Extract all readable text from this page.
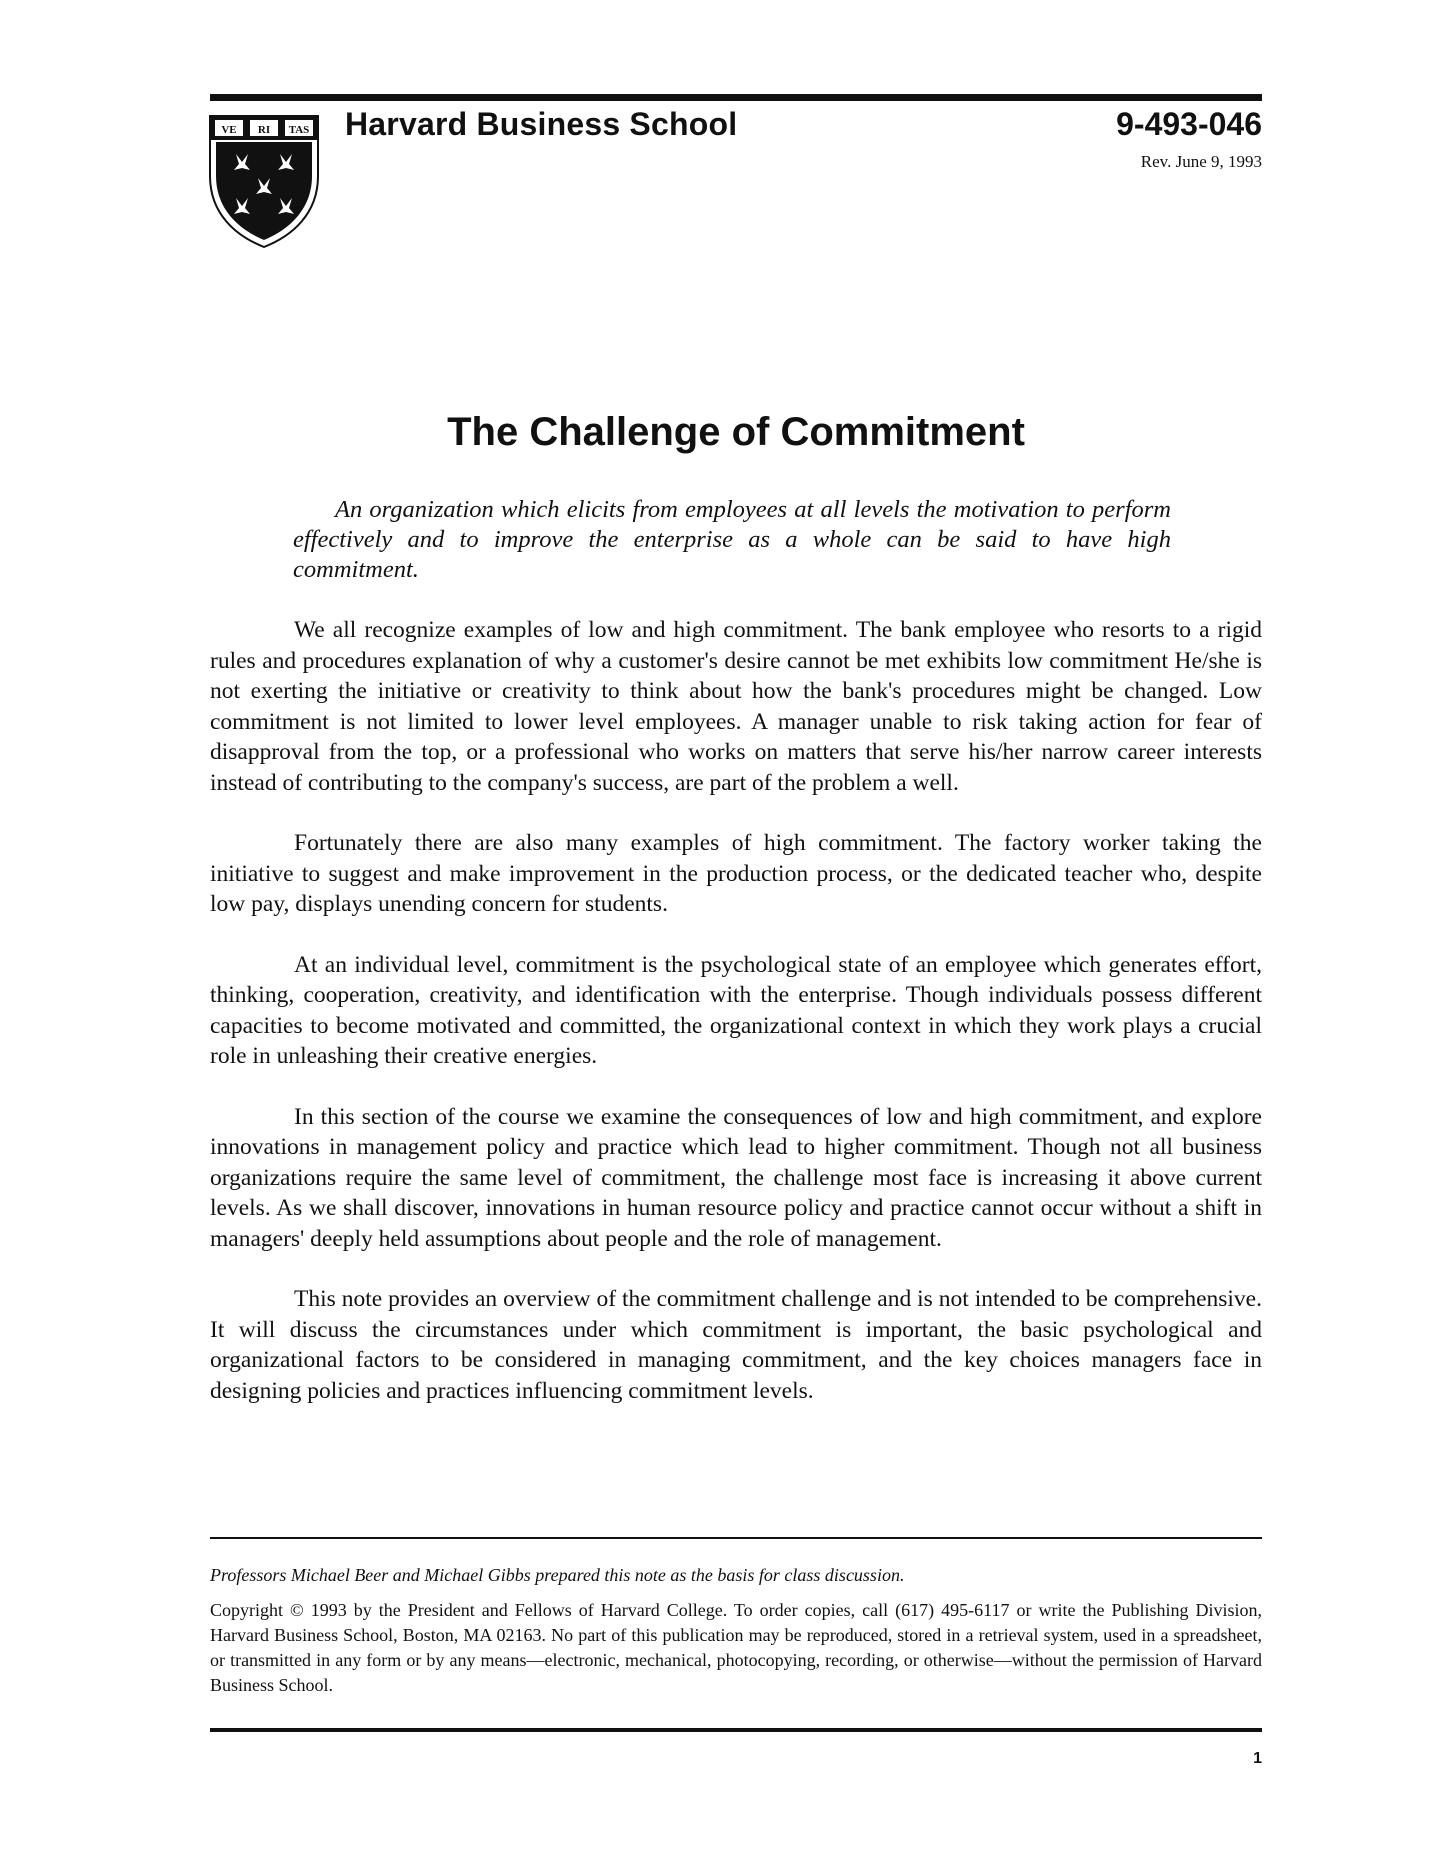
VE RI TAS Harvard Business School	9-493-046
Rev. June 9, 1993
The Challenge of Commitment

An organization which elicits from employees at all levels the motivation to perform effectively and to improve the enterprise as a whole can be said to have high commitment.

We all recognize examples of low and high commitment. The bank employee who resorts to a rigid rules and procedures explanation of why a customer's desire cannot be met exhibits low commitment He/she is not exerting the initiative or creativity to think about how the bank's procedures might be changed. Low commitment is not limited to lower level employees. A manager unable to risk taking action for fear of disapproval from the top, or a professional who works on matters that serve his/her narrow career interests instead of contributing to the company's success, are part of the problem a well.

Fortunately there are also many examples of high commitment. The factory worker taking the initiative to suggest and make improvement in the production process, or the dedicated teacher who, despite low pay, displays unending concern for students.

At an individual level, commitment is the psychological state of an employee which generates effort, thinking, cooperation, creativity, and identification with the enterprise. Though individuals possess different capacities to become motivated and committed, the organizational context in which they work plays a crucial role in unleashing their creative energies.

In this section of the course we examine the consequences of low and high commitment, and explore innovations in management policy and practice which lead to higher commitment. Though not all business organizations require the same level of commitment, the challenge most face is increasing it above current levels. As we shall discover, innovations in human resource policy and practice cannot occur without a shift in managers' deeply held assumptions about people and the role of management.

This note provides an overview of the commitment challenge and is not intended to be comprehensive. It will discuss the circumstances under which commitment is important, the basic psychological and organizational factors to be considered in managing commitment, and the key choices managers face in designing policies and practices influencing commitment levels.

Professors Michael Beer and Michael Gibbs prepared this note as the basis for class discussion.

Copyright © 1993 by the President and Fellows of Harvard College. To order copies, call (617) 495-6117 or write the Publishing Division, Harvard Business School, Boston, MA 02163. No part of this publication may be reproduced, stored in a retrieval system, used in a spreadsheet, or transmitted in any form or by any means—electronic, mechanical, photocopying, recording, or otherwise—without the permission of Harvard Business School.

1
